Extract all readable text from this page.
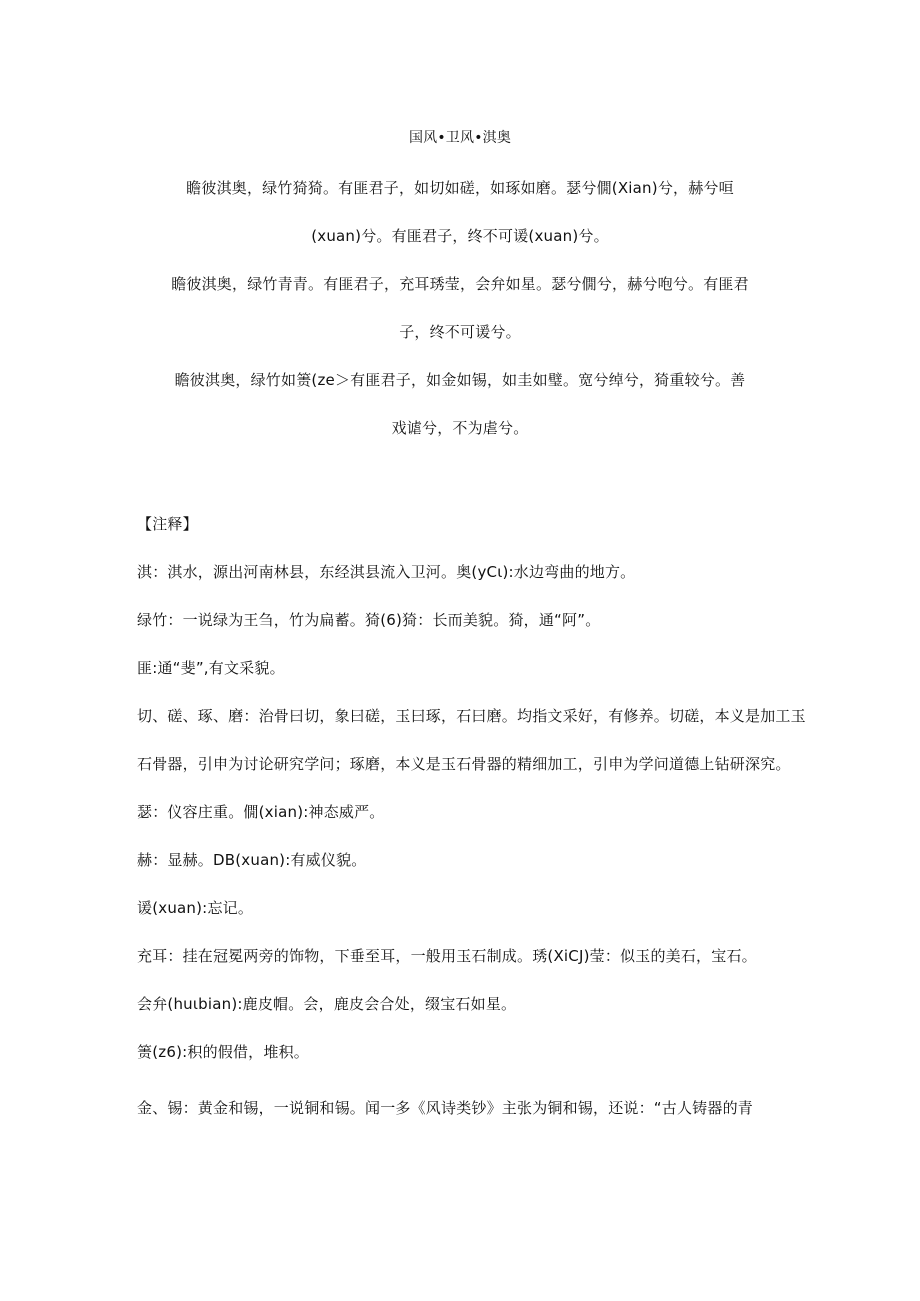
国风•卫风•淇奥
瞻彼淇奥，绿竹猗猗。有匪君子，如切如磋，如琢如磨。瑟兮僩(Xian)兮，赫兮咺
(xuan)兮。有匪君子，终不可谖(xuan)兮。
瞻彼淇奥，绿竹青青。有匪君子，充耳琇莹，会弁如星。瑟兮僩兮，赫兮咆兮。有匪君
子，终不可谖兮。
瞻彼淇奥，绿竹如箦(ze＞有匪君子，如金如锡，如圭如璧。宽兮绰兮，猗重较兮。善
戏谑兮，不为虐兮。
【注释】
淇：淇水，源出河南林县，东经淇县流入卫河。奥(yCι):水边弯曲的地方。
绿竹：一说绿为王刍，竹为扁蓄。猗(6)猗：长而美貌。猗，通“阿”。
匪:通“斐”,有文采貌。
切、磋、琢、磨：治骨曰切，象曰磋，玉曰琢，石曰磨。均指文采好，有修养。切磋，本义是加工玉
石骨器，引申为讨论研究学问；琢磨，本义是玉石骨器的精细加工，引申为学问道德上钻研深究。
瑟：仪容庄重。僩(xian):神态威严。
赫：显赫。DB(xuan):有威仪貌。
谖(xuan):忘记。
充耳：挂在冠冕两旁的饰物，下垂至耳，一般用玉石制成。琇(XiCJ)莹：似玉的美石，宝石。
会弁(huιbian):鹿皮帽。会，鹿皮会合处，缀宝石如星。
箦(z6):积的假借，堆积。
金、锡：黄金和锡，一说铜和锡。闻一多《风诗类钞》主张为铜和锡，还说：“古人铸器的青
